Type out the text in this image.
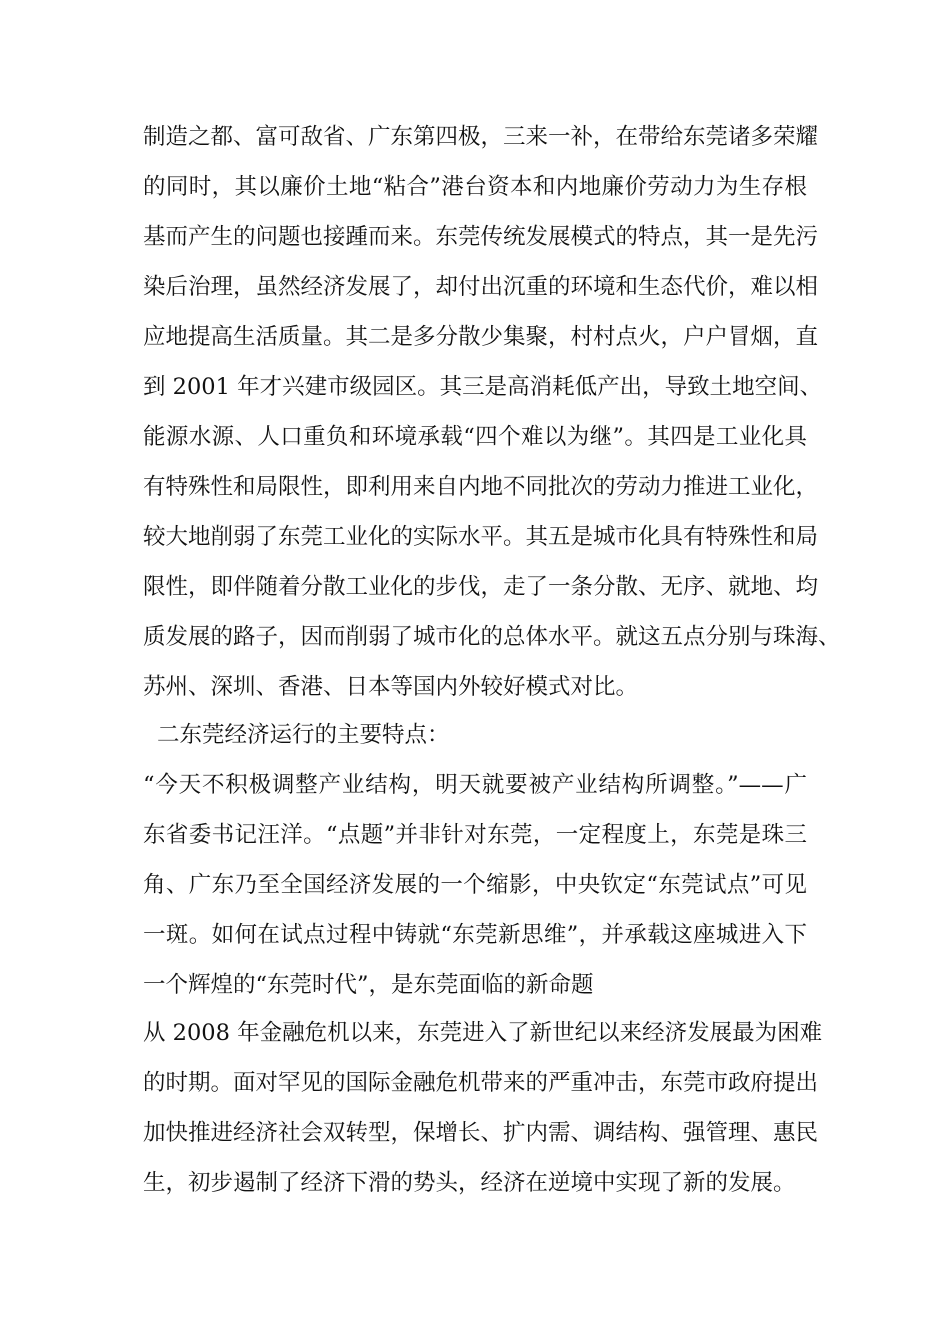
制造之都、富可敌省、广东第四极，三来一补，在带给东莞诸多荣耀
的同时，其以廉价土地“粘合”港台资本和内地廉价劳动力为生存根
基而产生的问题也接踵而来。东莞传统发展模式的特点，其一是先污
染后治理，虽然经济发展了，却付出沉重的环境和生态代价，难以相
应地提高生活质量。其二是多分散少集聚，村村点火，户户冒烟，直
到 2001 年才兴建市级园区。其三是高消耗低产出，导致土地空间、
能源水源、人口重负和环境承载“四个难以为继”。其四是工业化具
有特殊性和局限性，即利用来自内地不同批次的劳动力推进工业化，
较大地削弱了东莞工业化的实际水平。其五是城市化具有特殊性和局
限性，即伴随着分散工业化的步伐，走了一条分散、无序、就地、均
质发展的路子，因而削弱了城市化的总体水平。就这五点分别与珠海、
苏州、深圳、香港、日本等国内外较好模式对比。
二东莞经济运行的主要特点：
“今天不积极调整产业结构，明天就要被产业结构所调整。”——广
东省委书记汪洋。“点题”并非针对东莞，一定程度上，东莞是珠三
角、广东乃至全国经济发展的一个缩影，中央钦定“东莞试点”可见
一斑。如何在试点过程中铸就“东莞新思维”，并承载这座城进入下
一个辉煌的“东莞时代”，是东莞面临的新命题
从 2008 年金融危机以来，东莞进入了新世纪以来经济发展最为困难
的时期。面对罕见的国际金融危机带来的严重冲击，东莞市政府提出
加快推进经济社会双转型，保增长、扩内需、调结构、强管理、惠民
生，初步遏制了经济下滑的势头，经济在逆境中实现了新的发展。
